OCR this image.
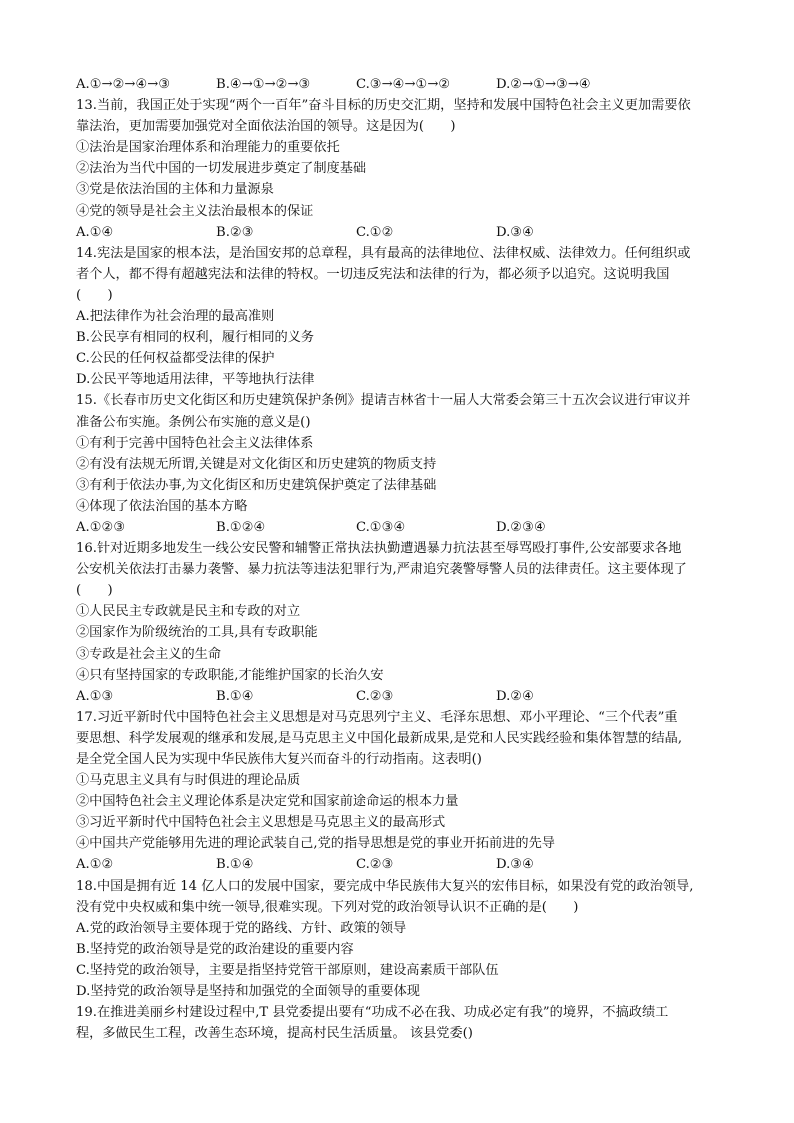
A.①→②→④→③	B.④→①→②→③	C.③→④→①→②	D.②→①→③→④
13.当前，我国正处于实现“两个一百年”奋斗目标的历史交汇期，坚持和发展中国特色社会主义更加需要依
靠法治，更加需要加强党对全面依法治国的领导。这是因为(　　)
①法治是国家治理体系和治理能力的重要依托
②法治为当代中国的一切发展进步奠定了制度基础
③党是依法治国的主体和力量源泉
④党的领导是社会主义法治最根本的保证
A.①④	B.②③	C.①②	D.③④
14.宪法是国家的根本法，是治国安邦的总章程，具有最高的法律地位、法律权威、法律效力。任何组织或
者个人，都不得有超越宪法和法律的特权。一切违反宪法和法律的行为，都必须予以追究。这说明我国
(　　)
A.把法律作为社会治理的最高准则
B.公民享有相同的权利，履行相同的义务
C.公民的任何权益都受法律的保护
D.公民平等地适用法律，平等地执行法律
15.《长春市历史文化街区和历史建筑保护条例》提请吉林省十一届人大常委会第三十五次会议进行审议并
准备公布实施。条例公布实施的意义是()
①有利于完善中国特色社会主义法律体系
②有没有法规无所谓,关键是对文化街区和历史建筑的物质支持
③有利于依法办事,为文化街区和历史建筑保护奠定了法律基础
④体现了依法治国的基本方略
A.①②③	B.①②④	C.①③④	D.②③④
16.针对近期多地发生一线公安民警和辅警正常执法执勤遭遇暴力抗法甚至辱骂殴打事件,公安部要求各地
公安机关依法打击暴力袭警、暴力抗法等违法犯罪行为,严肃追究袭警辱警人员的法律责任。这主要体现了
(　　)
①人民民主专政就是民主和专政的对立
②国家作为阶级统治的工具,具有专政职能
③专政是社会主义的生命
④只有坚持国家的专政职能,才能维护国家的长治久安
A.①③	B.①④	C.②③	D.②④
17.习近平新时代中国特色社会主义思想是对马克思列宁主义、毛泽东思想、邓小平理论、“三个代表”重
要思想、科学发展观的继承和发展,是马克思主义中国化最新成果,是党和人民实践经验和集体智慧的结晶,
是全党全国人民为实现中华民族伟大复兴而奋斗的行动指南。这表明()
①马克思主义具有与时俱进的理论品质
②中国特色社会主义理论体系是决定党和国家前途命运的根本力量
③习近平新时代中国特色社会主义思想是马克思主义的最高形式
④中国共产党能够用先进的理论武装自己,党的指导思想是党的事业开拓前进的先导
A.①②	B.①④	C.②③	D.③④
18.中国是拥有近 14 亿人口的发展中国家，要完成中华民族伟大复兴的宏伟目标，如果没有党的政治领导,
没有党中央权威和集中统一领导,很难实现。下列对党的政治领导认识不正确的是(　　)
A.党的政治领导主要体现于党的路线、方针、政策的领导
B.坚持党的政治领导是党的政治建设的重要内容
C.坚持党的政治领导，主要是指坚持党管干部原则，建设高素质干部队伍
D.坚持党的政治领导是坚持和加强党的全面领导的重要体现
19.在推进美丽乡村建设过程中,T 县党委提出要有“功成不必在我、功成必定有我”的境界，不搞政绩工
程，多做民生工程，改善生态环境，提高村民生活质量。 该县党委()
